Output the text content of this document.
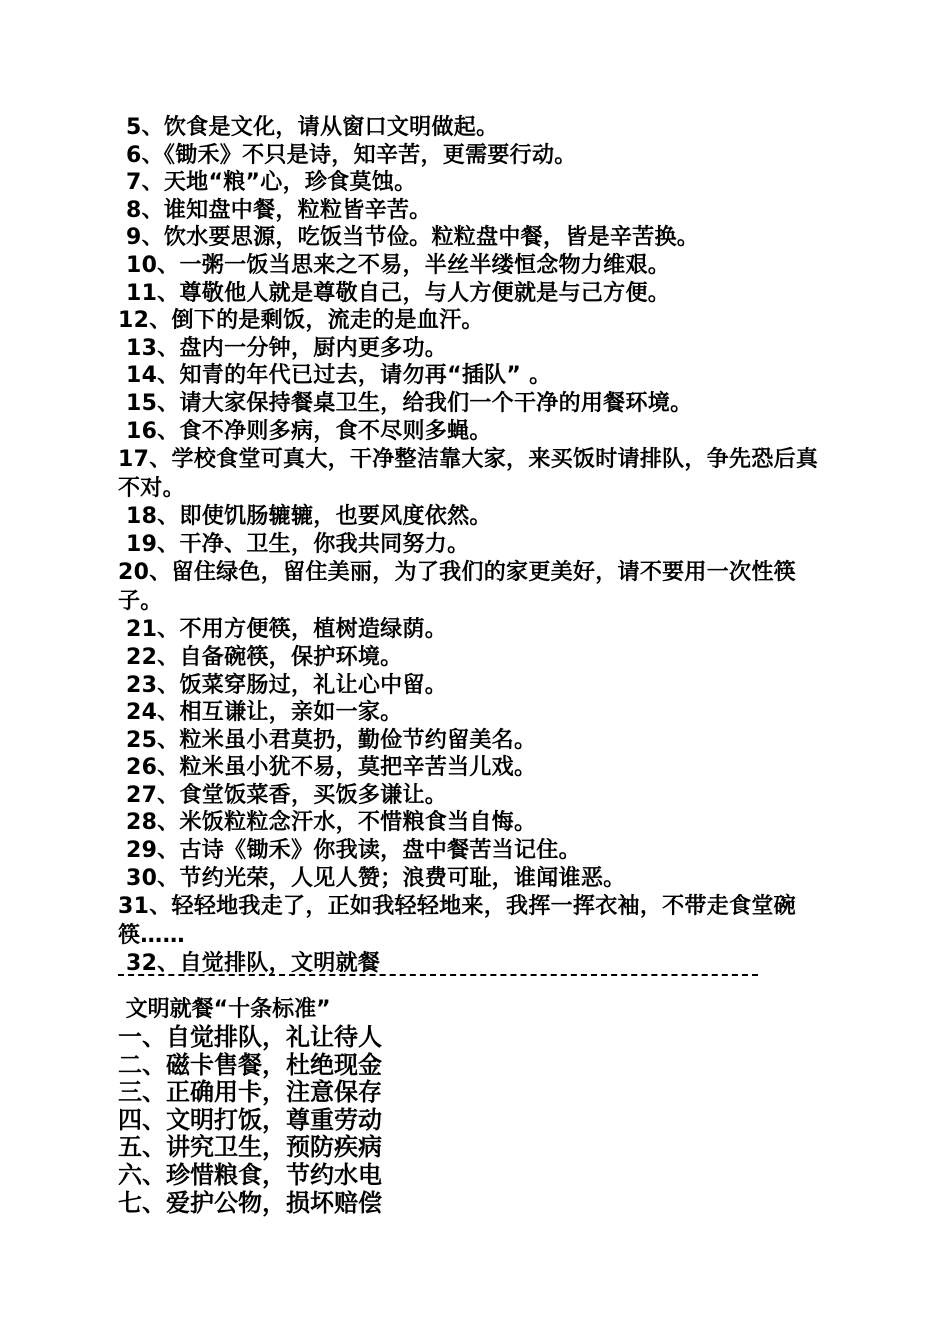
5、饮食是文化，请从窗口文明做起。
6、《锄禾》不只是诗，知辛苦，更需要行动。
7、天地“粮”心，珍食莫蚀。
8、谁知盘中餐，粒粒皆辛苦。
9、饮水要思源，吃饭当节俭。粒粒盘中餐，皆是辛苦换。
10、一粥一饭当思来之不易，半丝半缕恒念物力维艰。
11、尊敬他人就是尊敬自己，与人方便就是与己方便。
12、倒下的是剩饭，流走的是血汗。
13、盘内一分钟，厨内更多功。
14、知青的年代已过去，请勿再“插队” 。
15、请大家保持餐桌卫生，给我们一个干净的用餐环境。
16、食不净则多病，食不尽则多蝇。
17、学校食堂可真大，干净整洁靠大家，来买饭时请排队，争先恐后真不对。
18、即使饥肠辘辘，也要风度依然。
19、干净、卫生，你我共同努力。
20、留住绿色，留住美丽，为了我们的家更美好，请不要用一次性筷子。
21、不用方便筷，植树造绿荫。
22、自备碗筷，保护环境。
23、饭菜穿肠过，礼让心中留。
24、相互谦让，亲如一家。
25、粒米虽小君莫扔，勤俭节约留美名。
26、粒米虽小犹不易，莫把辛苦当儿戏。
27、食堂饭菜香，买饭多谦让。
28、米饭粒粒念汗水，不惜粮食当自悔。
29、古诗《锄禾》你我读，盘中餐苦当记住。
30、节约光荣，人见人赞；浪费可耻，谁闻谁恶。
31、轻轻地我走了，正如我轻轻地来，我挥一挥衣袖，不带走食堂碗筷……
32、自觉排队，文明就餐
文明就餐“十条标准”
一、自觉排队，礼让待人
二、磁卡售餐，杜绝现金
三、正确用卡，注意保存
四、文明打饭，尊重劳动
五、讲究卫生，预防疾病
六、珍惜粮食，节约水电
七、爱护公物，损坏赔偿
